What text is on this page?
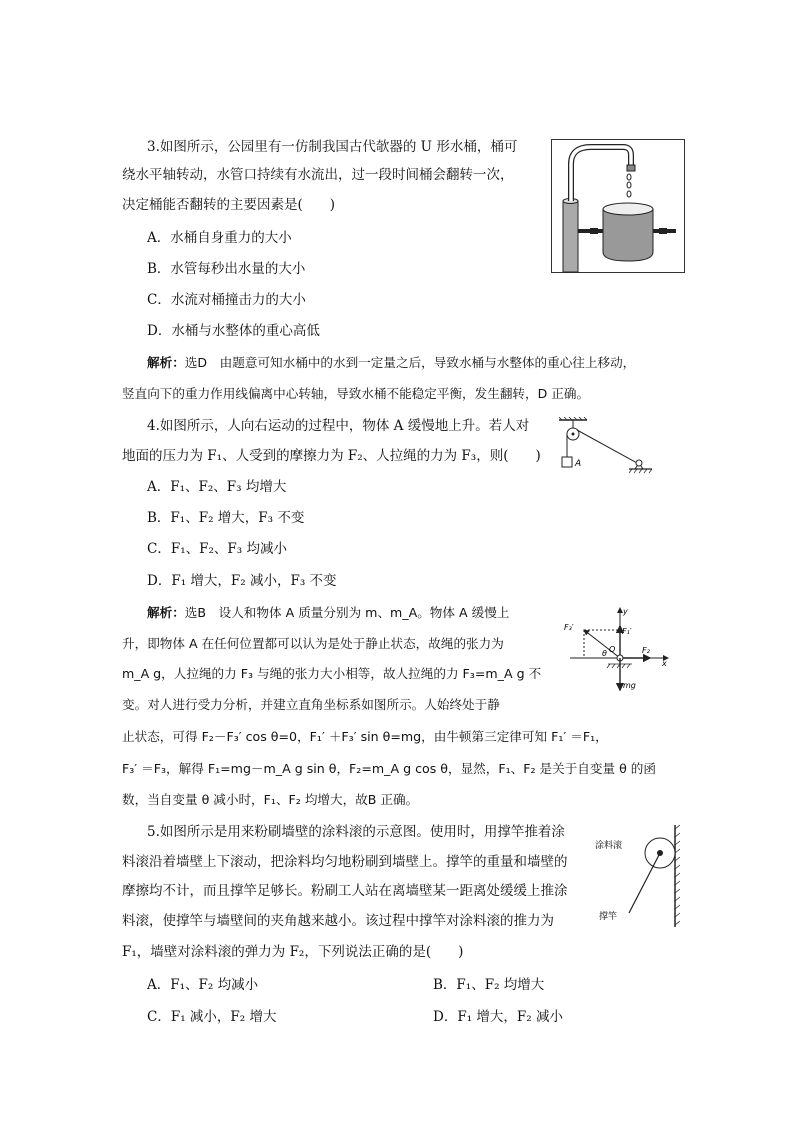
3.如图所示，公园里有一仿制我国古代欹器的 U 形水桶，桶可
绕水平轴转动，水管口持续有水流出，过一段时间桶会翻转一次，
决定桶能否翻转的主要因素是(　　)
A．水桶自身重力的大小
B．水管每秒出水量的大小
C．水流对桶撞击力的大小
D．水桶与水整体的重心高低
解析：选D　由题意可知水桶中的水到一定量之后，导致水桶与水整体的重心往上移动，
竖直向下的重力作用线偏离中心转轴，导致水桶不能稳定平衡，发生翻转，D 正确。
4.如图所示，人向右运动的过程中，物体 A 缓慢地上升。若人对
地面的压力为 F₁、人受到的摩擦力为 F₂、人拉绳的力为 F₃，则(　　)
A．F₁、F₂、F₃ 均增大
B．F₁、F₂ 增大，F₃ 不变
C．F₁、F₂、F₃ 均减小
D．F₁ 增大，F₂ 减小，F₃ 不变
解析：选B　设人和物体 A 质量分别为 m、m_A。物体 A 缓慢上
升，即物体 A 在任何位置都可以认为是处于静止状态，故绳的张力为
m_A g，人拉绳的力 F₃ 与绳的张力大小相等，故人拉绳的力 F₃=m_A g 不
变。对人进行受力分析，并建立直角坐标系如图所示。人始终处于静
止状态，可得 F₂－F₃′ cos θ=0，F₁′ ＋F₃′ sin θ=mg，由牛顿第三定律可知 F₁′ ＝F₁，
F₃′ ＝F₃，解得 F₁=mg－m_A g sin θ，F₂=m_A g cos θ，显然，F₁、F₂ 是关于自变量 θ 的函
数，当自变量 θ 减小时，F₁、F₂ 均增大，故B 正确。
A
y
x
F₃′	F₁′
F₂
θ O
mg
5.如图所示是用来粉刷墙壁的涂料滚的示意图。使用时，用撑竿推着涂
料滚沿着墙壁上下滚动，把涂料均匀地粉刷到墙壁上。撑竿的重量和墙壁的
摩擦均不计，而且撑竿足够长。粉刷工人站在离墙壁某一距离处缓缓上推涂
料滚，使撑竿与墙壁间的夹角越来越小。该过程中撑竿对涂料滚的推力为
F₁，墙壁对涂料滚的弹力为 F₂，下列说法正确的是(　　)
A．F₁、F₂ 均减小	B．F₁、F₂ 均增大
C．F₁ 减小，F₂ 增大	D．F₁ 增大，F₂ 减小
涂料滚
撑竿
